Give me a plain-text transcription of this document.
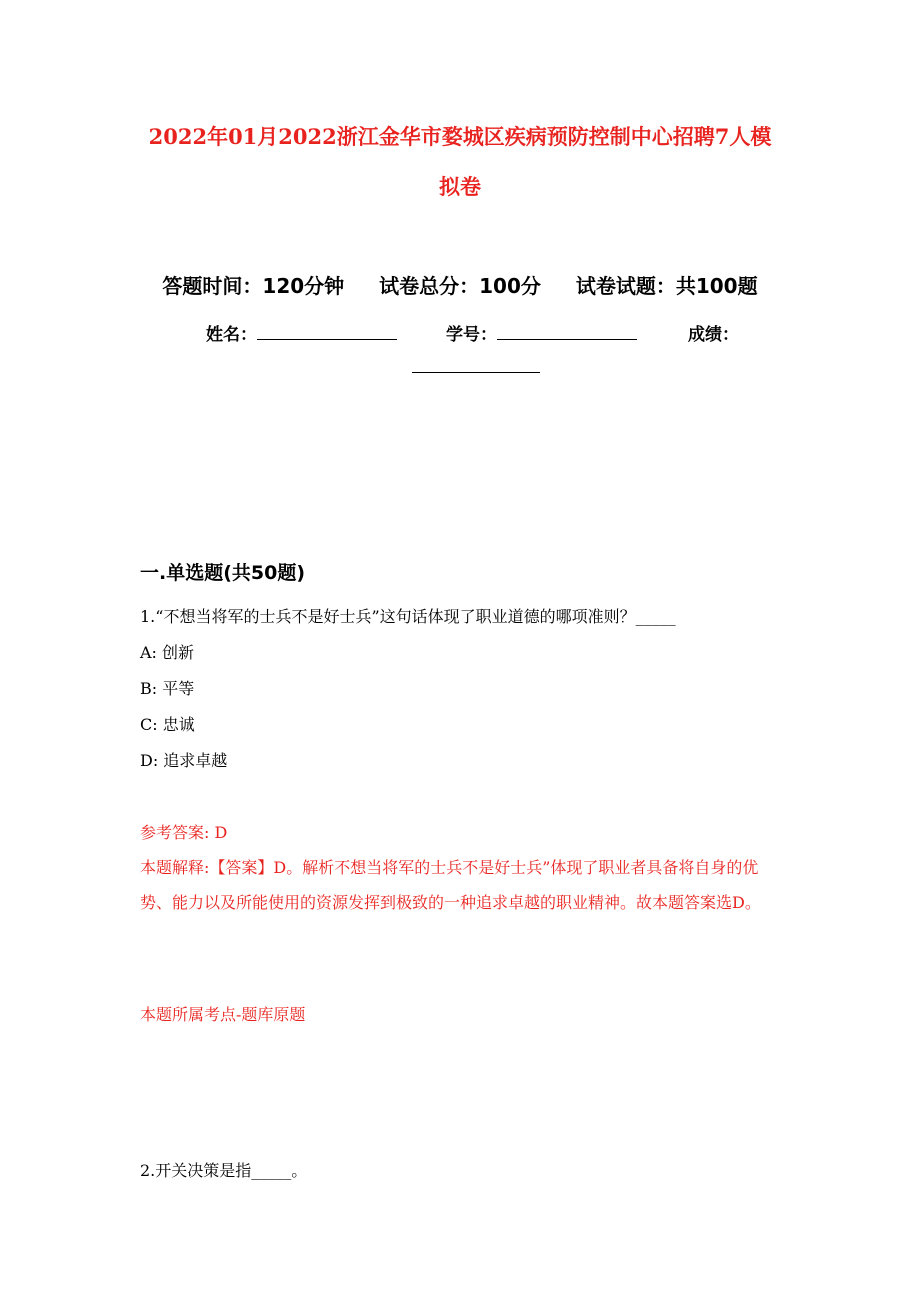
2022年01月2022浙江金华市婺城区疾病预防控制中心招聘7人模
拟卷
答题时间：120分钟 试卷总分：100分 试卷试题：共100题
姓名：	学号：	成绩：
一.单选题(共50题)
1.“不想当将军的士兵不是好士兵”这句话体现了职业道德的哪项准则？_____
A: 创新
B: 平等
C: 忠诚
D: 追求卓越
参考答案: D
本题解释:【答案】D。解析不想当将军的士兵不是好士兵”体现了职业者具备将自身的优势、能力以及所能使用的资源发挥到极致的一种追求卓越的职业精神。故本题答案选D。
本题所属考点-题库原题
2.开关决策是指_____。
